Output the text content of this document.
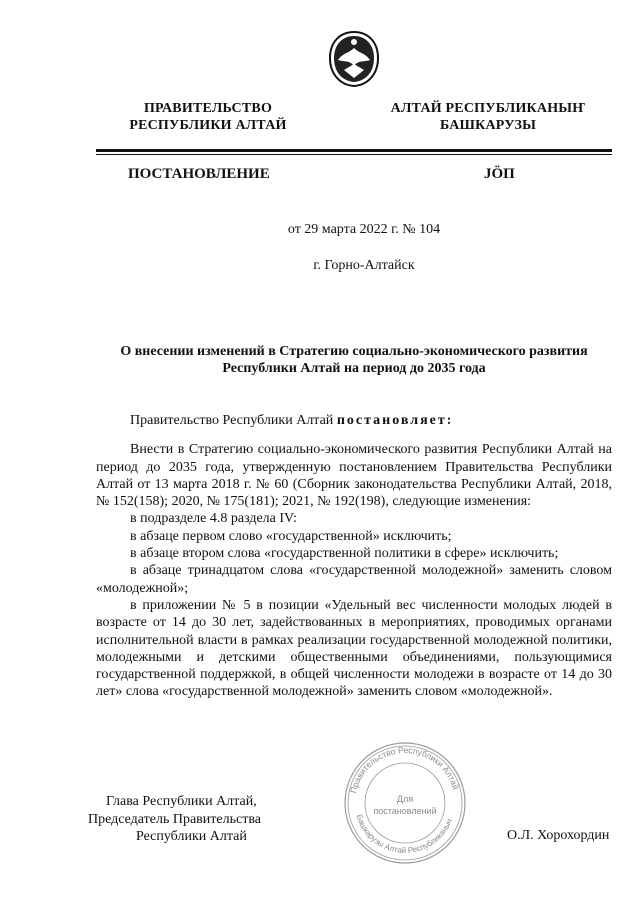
ПРАВИТЕЛЬСТВО
РЕСПУБЛИКИ АЛТАЙ
АЛТАЙ РЕСПУБЛИКАНЫҤ
БАШКАРУЗЫ
ПОСТАНОВЛЕНИЕ	JӦП
от 29 марта 2022 г. № 104
г. Горно-Алтайск
О внесении изменений в Стратегию социально-экономического развития
Республики Алтай на период до 2035 года

Правительство Республики Алтай постановляет:

Внести в Стратегию социально-экономического развития Республики Алтай на период до 2035 года, утвержденную постановлением Правительства Республики Алтай от 13 марта 2018 г. № 60 (Сборник законодательства Республики Алтай, 2018, № 152(158); 2020, № 175(181); 2021, № 192(198), следующие изменения:

в подразделе 4.8 раздела IV:

в абзаце первом слово «государственной» исключить;

в абзаце втором слова «государственной политики в сфере» исключить;

в абзаце тринадцатом слова «государственной молодежной» заменить словом «молодежной»;

в приложении № 5 в позиции «Удельный вес численности молодых людей в возрасте от 14 до 30 лет, задействованных в мероприятиях, проводимых органами исполнительной власти в рамках реализации государственной молодежной политики, молодежными и детскими общественными объединениями, пользующимися государственной поддержкой, в общей численности молодежи в возрасте от 14 до 30 лет» слова «государственной молодежной» заменить словом «молодежной».

Правительство Республики Алтай
Башкарузы Алтай Республиканын
Для
постановлений
Глава Республики Алтай,
Председатель Правительства
Республики Алтай	О.Л. Хорохордин
